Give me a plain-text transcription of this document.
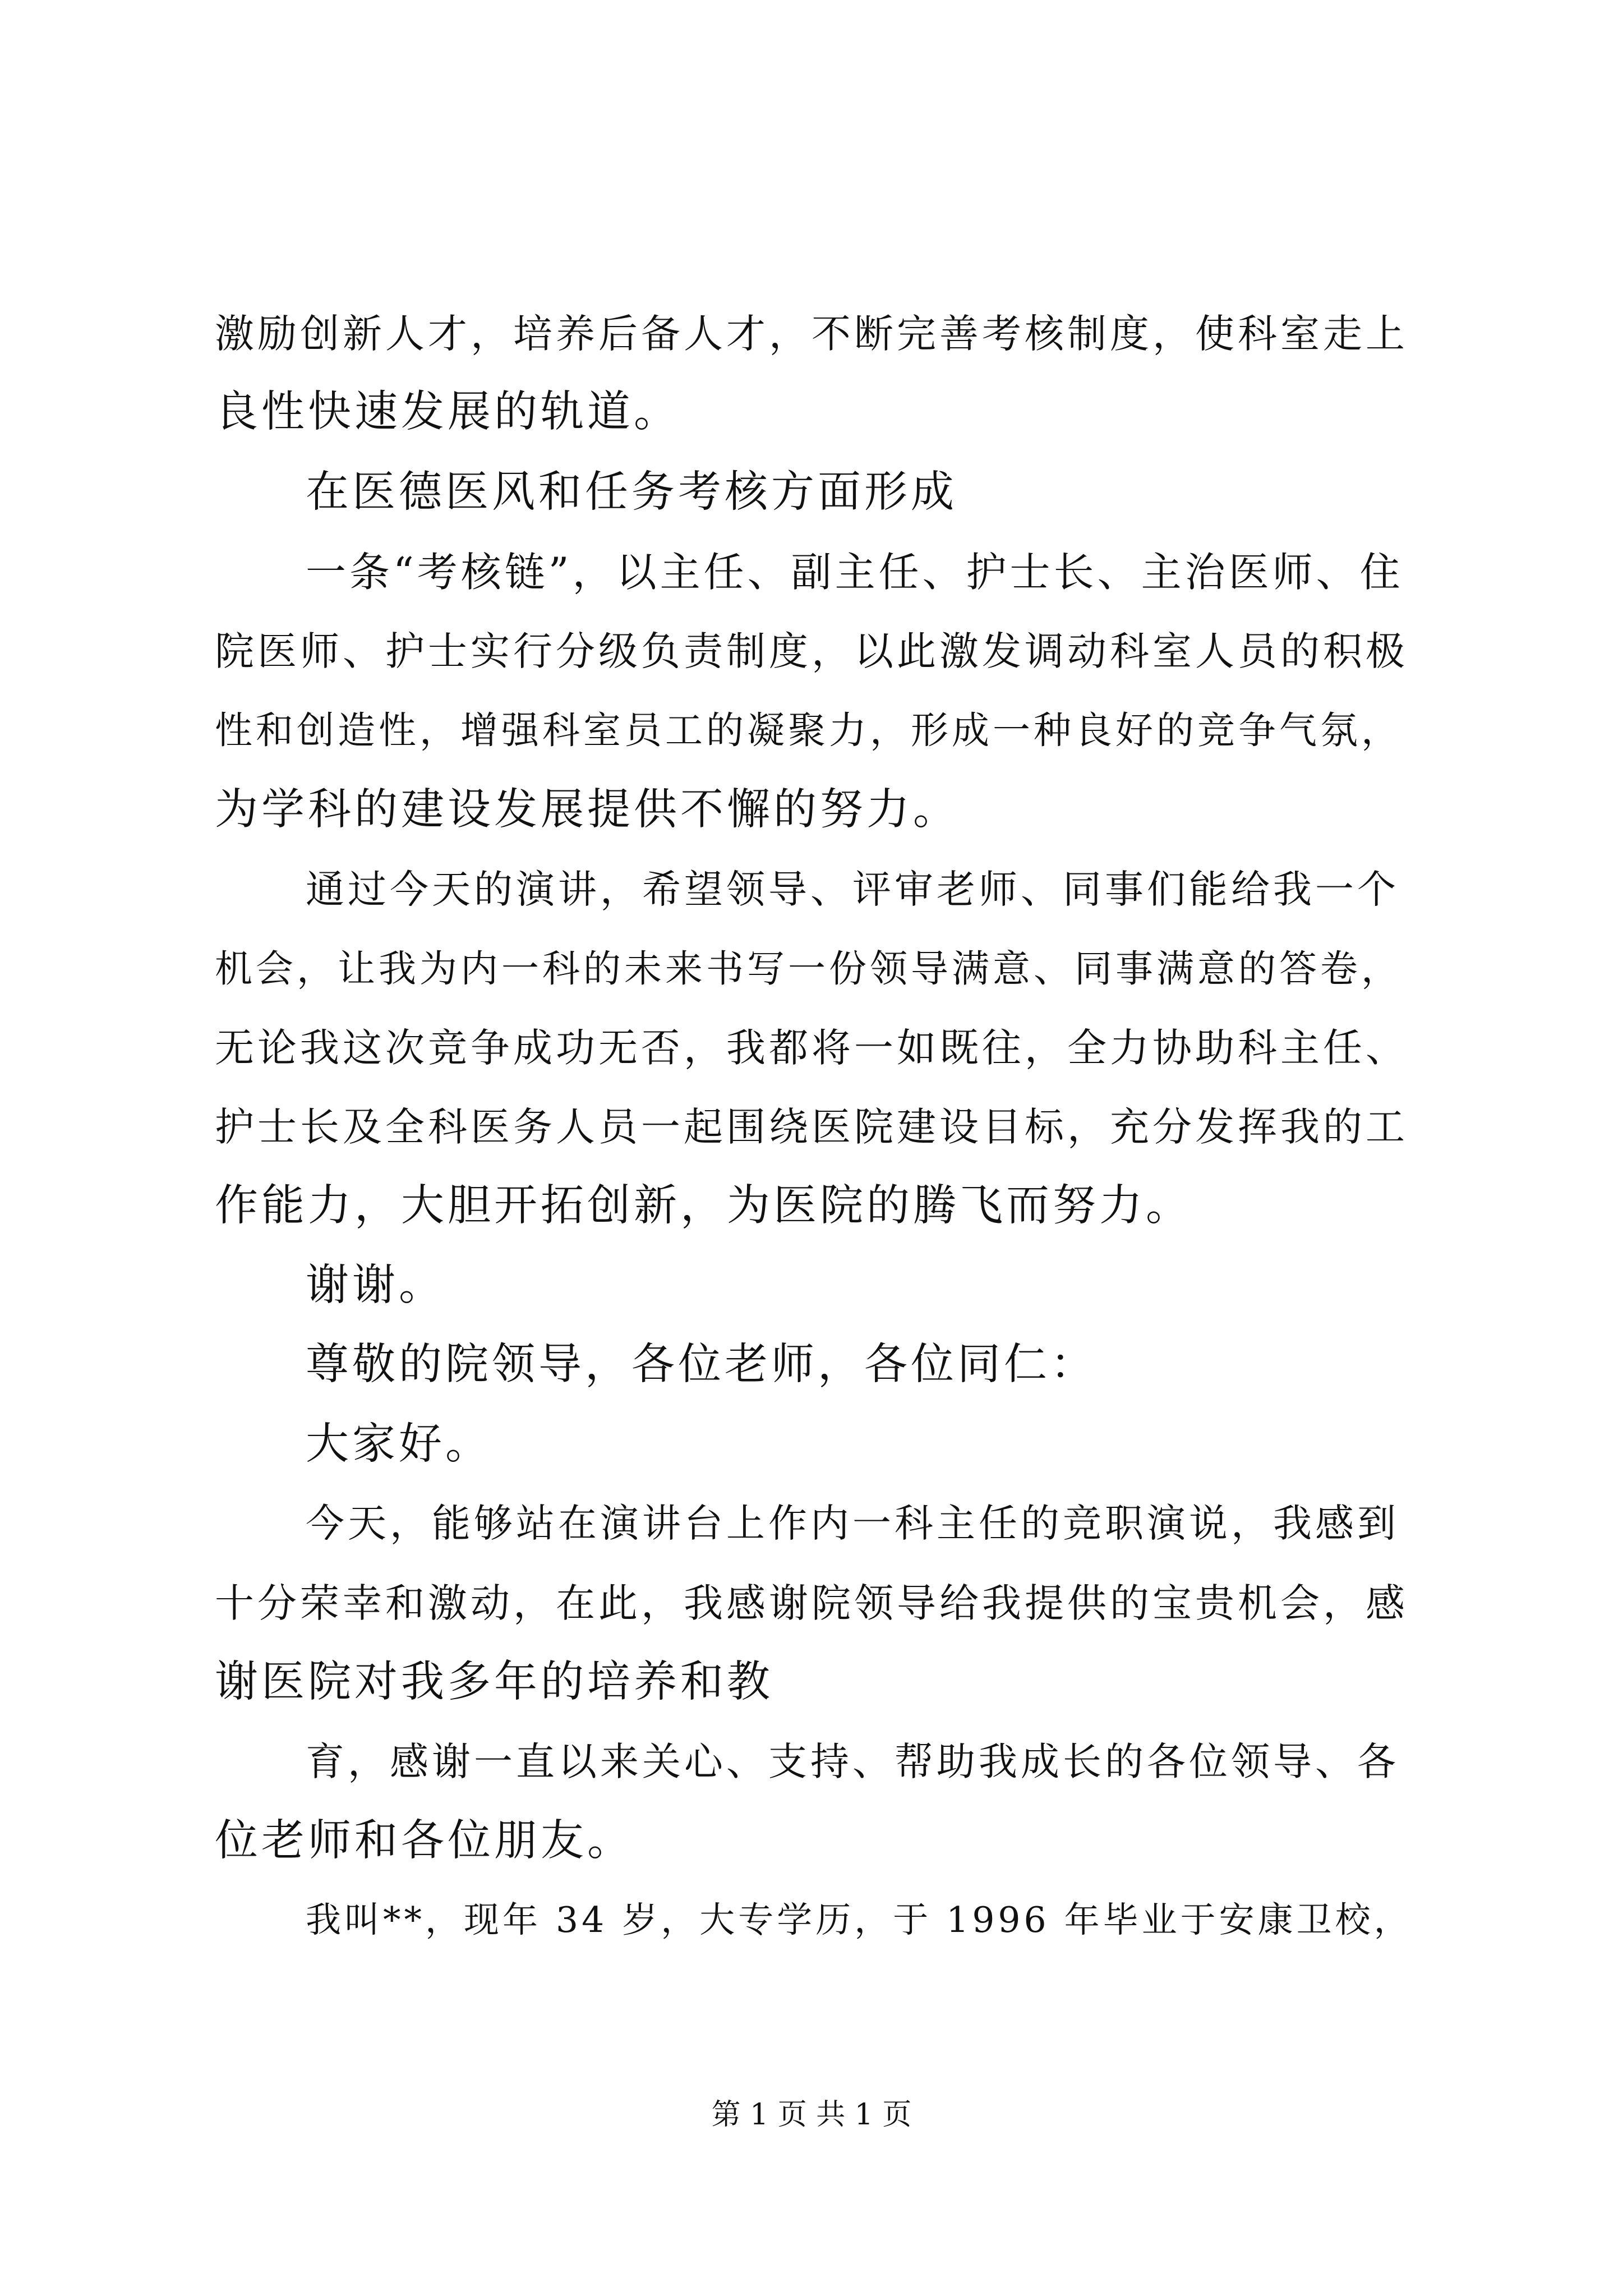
激励创新人才，培养后备人才，不断完善考核制度，使科室走上
良性快速发展的轨道。
在医德医风和任务考核方面形成
一条“考核链”，以主任、副主任、护士长、主治医师、住
院医师、护士实行分级负责制度，以此激发调动科室人员的积极
性和创造性，增强科室员工的凝聚力，形成一种良好的竞争气氛，
为学科的建设发展提供不懈的努力。
通过今天的演讲，希望领导、评审老师、同事们能给我一个
机会，让我为内一科的未来书写一份领导满意、同事满意的答卷，
无论我这次竞争成功无否，我都将一如既往，全力协助科主任、
护士长及全科医务人员一起围绕医院建设目标，充分发挥我的工
作能力，大胆开拓创新，为医院的腾飞而努力。
谢谢。
尊敬的院领导，各位老师，各位同仁：
大家好。
今天，能够站在演讲台上作内一科主任的竞职演说，我感到
十分荣幸和激动，在此，我感谢院领导给我提供的宝贵机会，感
谢医院对我多年的培养和教
育，感谢一直以来关心、支持、帮助我成长的各位领导、各
位老师和各位朋友。
我叫**，现年 34 岁，大专学历，于 1996 年毕业于安康卫校，
第 1 页 共 1 页
